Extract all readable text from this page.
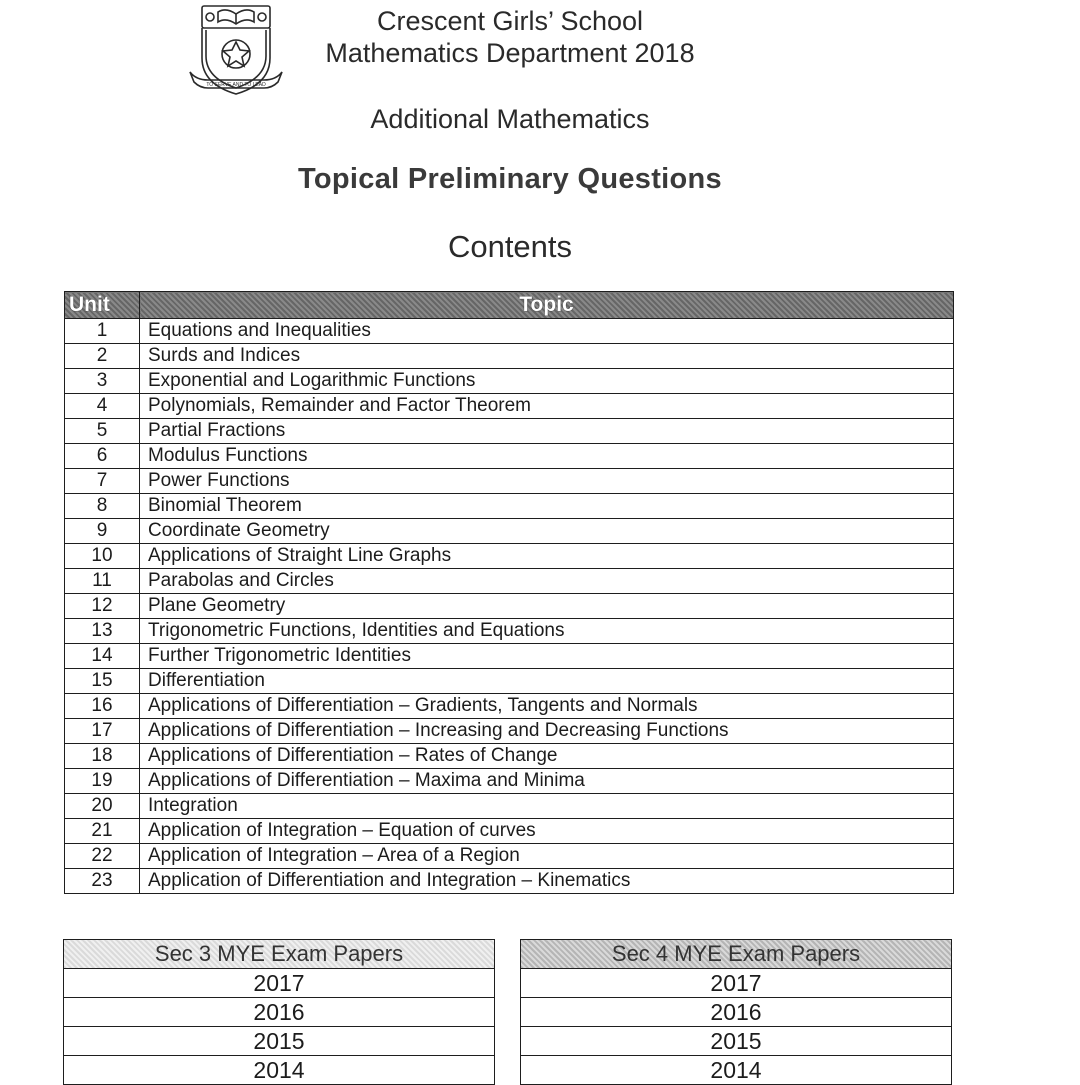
TO SERVE AND TO LEAD
Crescent Girls’ School
Mathematics Department 2018
Additional Mathematics
Topical Preliminary Questions
Contents
Unit	Topic
1	Equations and Inequalities
2	Surds and Indices
3	Exponential and Logarithmic Functions
4	Polynomials, Remainder and Factor Theorem
5	Partial Fractions
6	Modulus Functions
7	Power Functions
8	Binomial Theorem
9	Coordinate Geometry
10	Applications of Straight Line Graphs
11	Parabolas and Circles
12	Plane Geometry
13	Trigonometric Functions, Identities and Equations
14	Further Trigonometric Identities
15	Differentiation
16	Applications of Differentiation – Gradients, Tangents and Normals
17	Applications of Differentiation – Increasing and Decreasing Functions
18	Applications of Differentiation – Rates of Change
19	Applications of Differentiation – Maxima and Minima
20	Integration
21	Application of Integration – Equation of curves
22	Application of Integration – Area of a Region
23	Application of Differentiation and Integration – Kinematics
Sec 3 MYE Exam Papers
2017
2016
2015
2014
Sec 4 MYE Exam Papers
2017
2016
2015
2014
